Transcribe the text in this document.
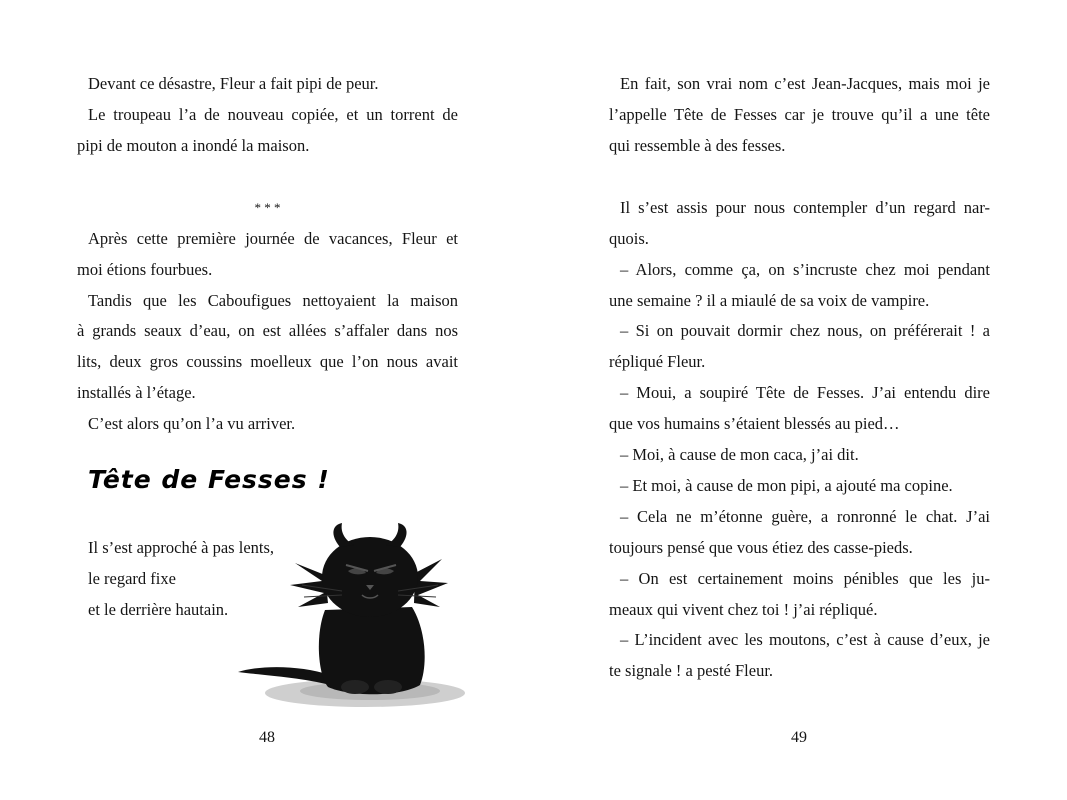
Devant ce désastre, Fleur a fait pipi de peur.
Le troupeau l’a de nouveau copiée, et un torrent de
pipi de mouton a inondé la maison.
* * *
Après cette première journée de vacances, Fleur et
moi étions fourbues.
Tandis que les Caboufigues nettoyaient la maison
à grands seaux d’eau, on est allées s’affaler dans nos
lits, deux gros coussins moelleux que l’on nous avait
installés à l’étage.
C’est alors qu’on l’a vu arriver.
Tête de Fesses !
Il s’est approché à pas lents,
le regard fixe
et le derrière hautain.
48
En fait, son vrai nom c’est Jean-Jacques, mais moi je
l’appelle Tête de Fesses car je trouve qu’il a une tête
qui ressemble à des fesses.
Il s’est assis pour nous contempler d’un regard nar-
quois.
– Alors, comme ça, on s’incruste chez moi pendant
une semaine ? il a miaulé de sa voix de vampire.
– Si on pouvait dormir chez nous, on préférerait ! a
répliqué Fleur.
– Moui, a soupiré Tête de Fesses. J’ai entendu dire
que vos humains s’étaient blessés au pied…
– Moi, à cause de mon caca, j’ai dit.
– Et moi, à cause de mon pipi, a ajouté ma copine.
– Cela ne m’étonne guère, a ronronné le chat. J’ai
toujours pensé que vous étiez des casse-pieds.
– On est certainement moins pénibles que les ju-
meaux qui vivent chez toi ! j’ai répliqué.
– L’incident avec les moutons, c’est à cause d’eux, je
te signale ! a pesté Fleur.
49
